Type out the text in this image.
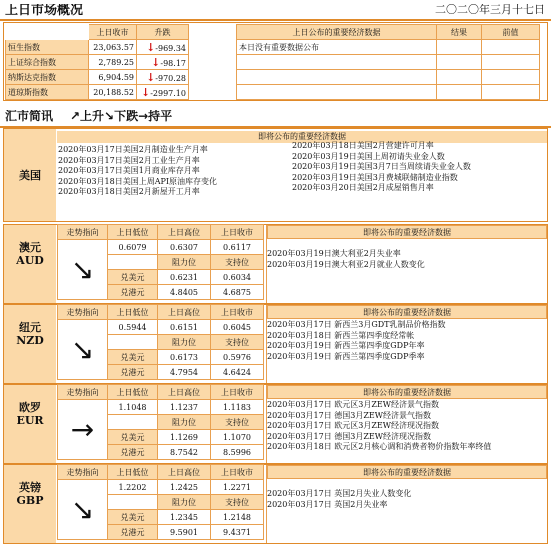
上日市场概况	二〇二〇年三月十七日
	上日收市	升跌
恒生指数	23,063.57	↓-969.34
上证综合指数	2,789.25	↓-98.17
纳斯达克指数	6,904.59	↓-970.28
道琼斯指数	20,188.52	↓-2997.10
上日公布的重要经济数据	结果	前值
本日没有重要数据公布		

汇市简讯 ↗上升↘下跌→持平
美国
即将公布的重要经济数据
2020年03月17日美国2月制造业生产月率
2020年03月17日美国2月工业生产月率
2020年03月17日美国1月商业库存月率
2020年03月18日美国上周API原油库存变化
2020年03月18日美国2月新屋开工月率
2020年03月18日美国2月营建许可月率
2020年03月19日美国上周初请失业金人数
2020年03月19日美国3月7日当周续请失业金人数
2020年03月19日美国3月费城联储制造业指数
2020年03月20日美国2月成屋销售月率
澳元
AUD
走势指向	上日低位	上日高位	上日收市
↘	0.6079	0.6307	0.6117
		阻力位	支持位
	兑美元	0.6231	0.6034
	兑港元	4.8405	4.6875
即将公布的重要经济数据
2020年03月19日澳大利亚2月失业率
2020年03月19日澳大利亚2月就业人数变化
纽元
NZD
走势指向	上日低位	上日高位	上日收市
↘	0.5944	0.6151	0.6045
		阻力位	支持位
	兑美元	0.6173	0.5976
	兑港元	4.7954	4.6424
即将公布的重要经济数据
2020年03月17日 新西兰3月GDT乳制品价格指数
2020年03月18日 新西兰第四季度经常帐
2020年03月19日 新西兰第四季度GDP年率
2020年03月19日 新西兰第四季度GDP季率
欧罗
EUR
走势指向	上日低位	上日高位	上日收市
→	1.1048	1.1237	1.1183
		阻力位	支持位
	兑美元	1.1269	1.1070
	兑港元	8.7542	8.5996
即将公布的重要经济数据
2020年03月17日 欧元区3月ZEW经济景气指数
2020年03月17日 德国3月ZEW经济景气指数
2020年03月17日 欧元区3月ZEW经济现况指数
2020年03月17日 德国3月ZEW经济现况指数
2020年03月18日 欧元区2月核心调和消费者物价指数年率终值
英镑
GBP
走势指向	上日低位	上日高位	上日收市
↘	1.2202	1.2425	1.2271
		阻力位	支持位
	兑美元	1.2345	1.2148
	兑港元	9.5901	9.4371
即将公布的重要经济数据
2020年03月17日 英国2月失业人数变化
2020年03月17日 英国2月失业率
